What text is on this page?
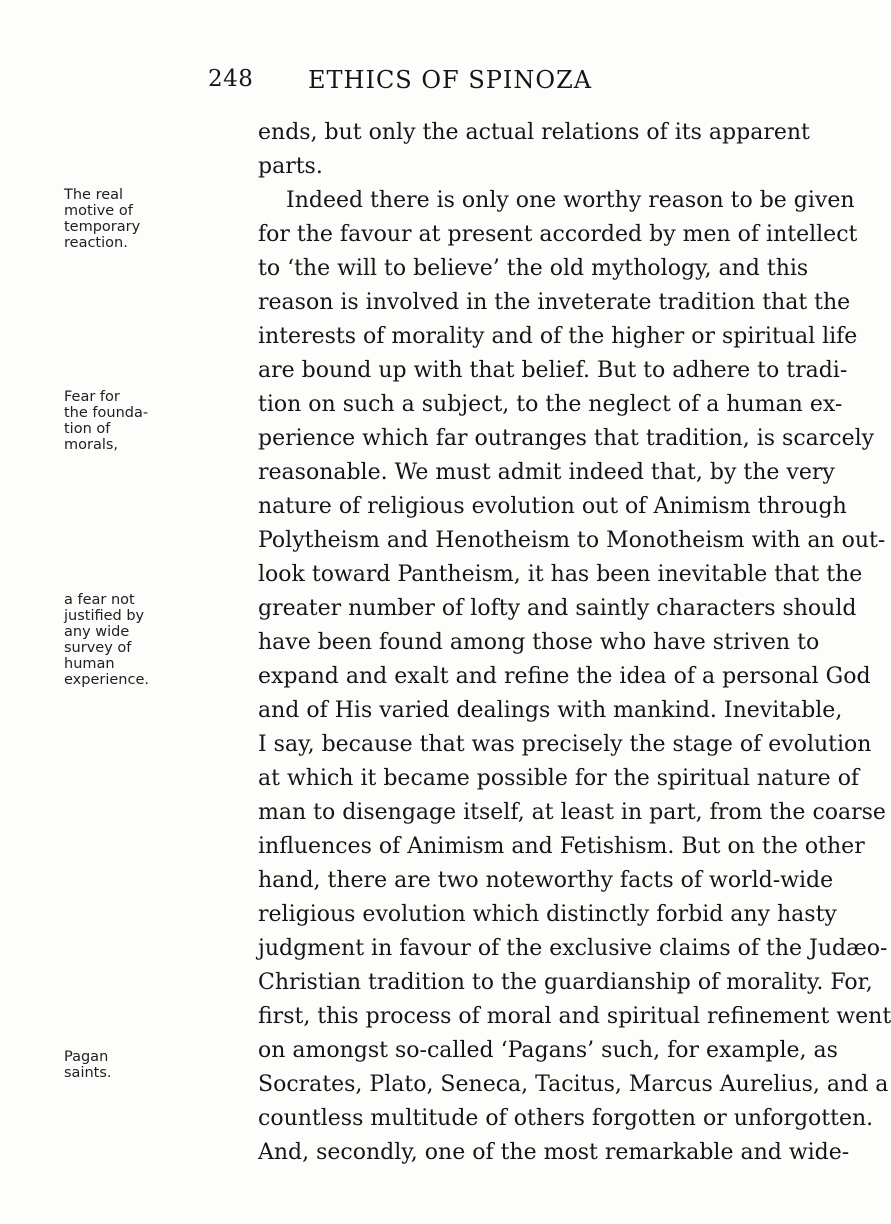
248 ETHICS OF SPINOZA
ends, but only the actual relations of its apparent
parts.
Indeed there is only one worthy reason to be given
for the favour at present accorded by men of intellect
to ‘the will to believe’ the old mythology, and this
reason is involved in the inveterate tradition that the
interests of morality and of the higher or spiritual life
are bound up with that belief. But to adhere to tradi-
tion on such a subject, to the neglect of a human ex-
perience which far outranges that tradition, is scarcely
reasonable. We must admit indeed that, by the very
nature of religious evolution out of Animism through
Polytheism and Henotheism to Monotheism with an out-
look toward Pantheism, it has been inevitable that the
greater number of lofty and saintly characters should
have been found among those who have striven to
expand and exalt and refine the idea of a personal God
and of His varied dealings with mankind. Inevitable,
I say, because that was precisely the stage of evolution
at which it became possible for the spiritual nature of
man to disengage itself, at least in part, from the coarse
influences of Animism and Fetishism. But on the other
hand, there are two noteworthy facts of world-wide
religious evolution which distinctly forbid any hasty
judgment in favour of the exclusive claims of the Judæo-
Christian tradition to the guardianship of morality. For,
first, this process of moral and spiritual refinement went
on amongst so-called ‘Pagans’ such, for example, as
Socrates, Plato, Seneca, Tacitus, Marcus Aurelius, and a
countless multitude of others forgotten or unforgotten.
And, secondly, one of the most remarkable and wide-
The real
motive of
temporary
reaction.
Fear for
the founda-
tion of
morals,
a fear not
justified by
any wide
survey of
human
experience.
Pagan
saints.
